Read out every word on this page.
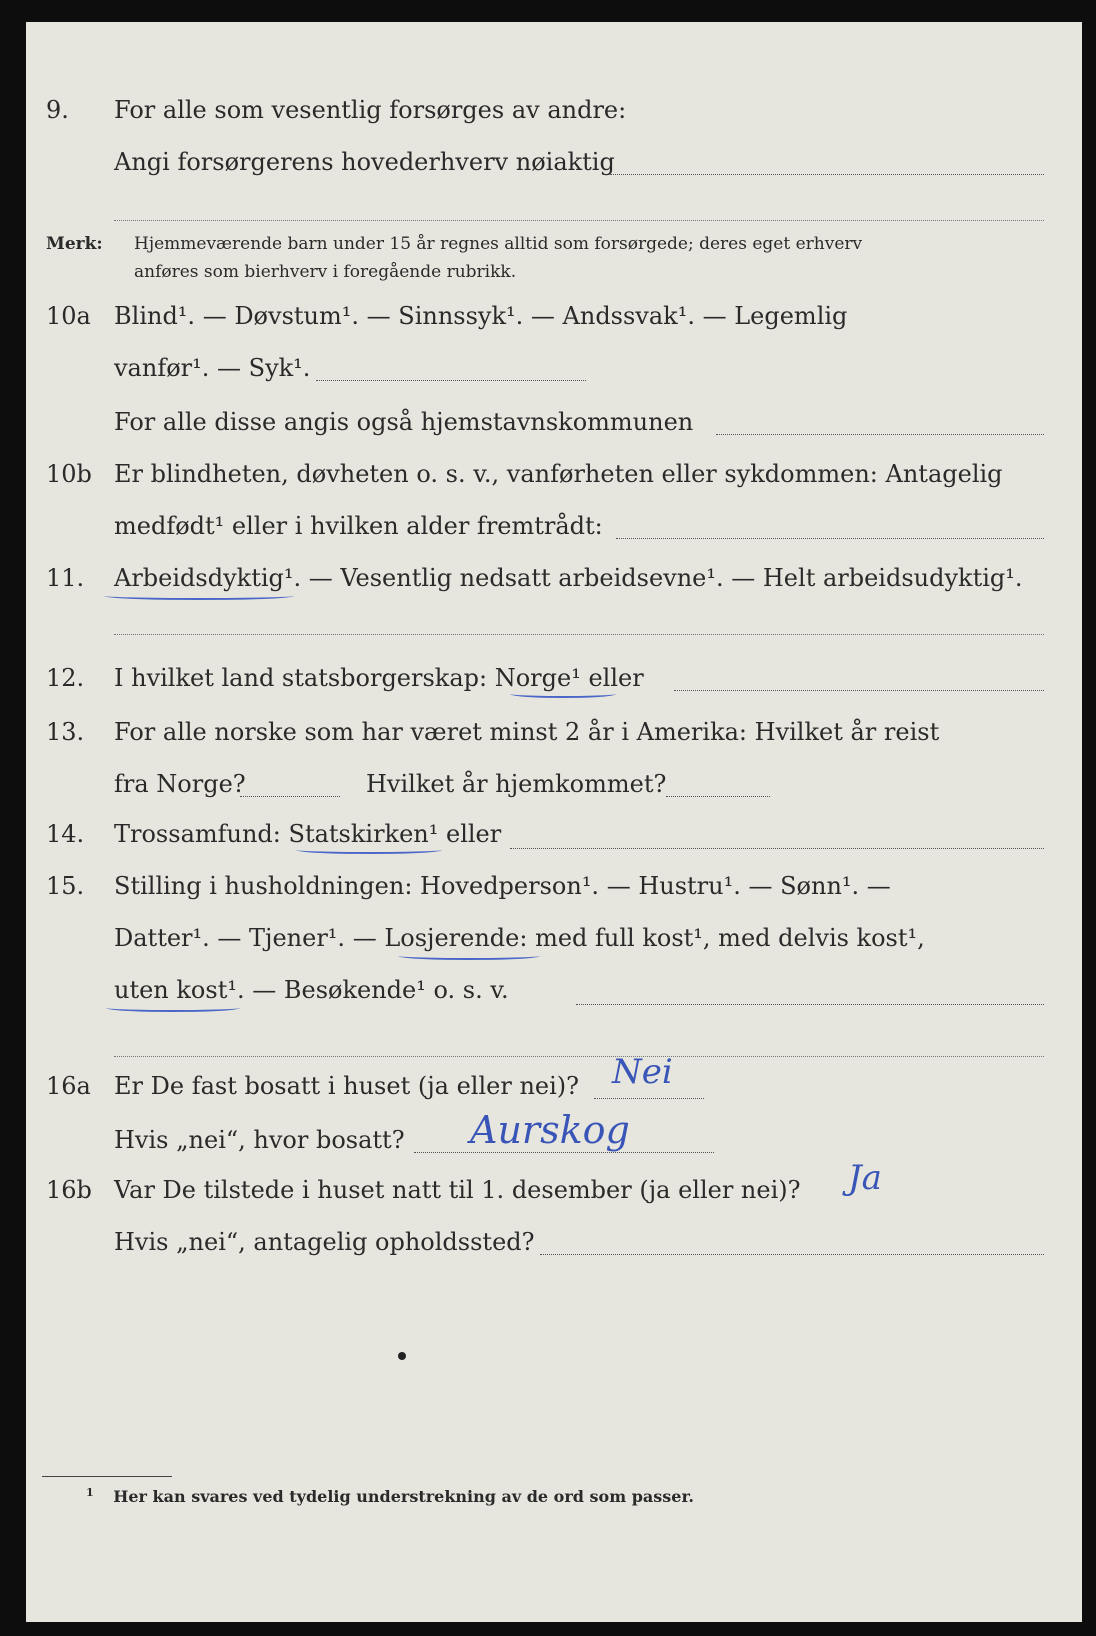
9. For alle som vesentlig forsørges av andre:
Angi forsørgerens hovederhverv nøiaktig
Merk: Hjemmeværende barn under 15 år regnes alltid som forsørgede; deres eget erhverv
anføres som bierhverv i foregående rubrikk.
10a Blind¹. — Døvstum¹. — Sinnssyk¹. — Andssvak¹. — Legemlig
vanfør¹. — Syk¹.
For alle disse angis også hjemstavnskommunen
10b Er blindheten, døvheten o. s. v., vanførheten eller sykdommen: Antagelig
medfødt¹ eller i hvilken alder fremtrådt:
11. Arbeidsdyktig¹. — Vesentlig nedsatt arbeidsevne¹. — Helt arbeidsudyktig¹.
12. I hvilket land statsborgerskap: Norge¹ eller
13. For alle norske som har været minst 2 år i Amerika: Hvilket år reist
fra Norge?	Hvilket år hjemkommet?
14. Trossamfund: Statskirken¹ eller
15. Stilling i husholdningen: Hovedperson¹. — Hustru¹. — Sønn¹. —
Datter¹. — Tjener¹. — Losjerende: med full kost¹, med delvis kost¹,
uten kost¹. — Besøkende¹ o. s. v.
16a Er De fast bosatt i huset (ja eller nei)? Nei
Hvis „nei“, hvor bosatt? Aurskog
16b Var De tilstede i huset natt til 1. desember (ja eller nei)? Ja
Hvis „nei“, antagelig opholdssted?
$^1$ Her kan svares ved tydelig understrekning av de ord som passer.
